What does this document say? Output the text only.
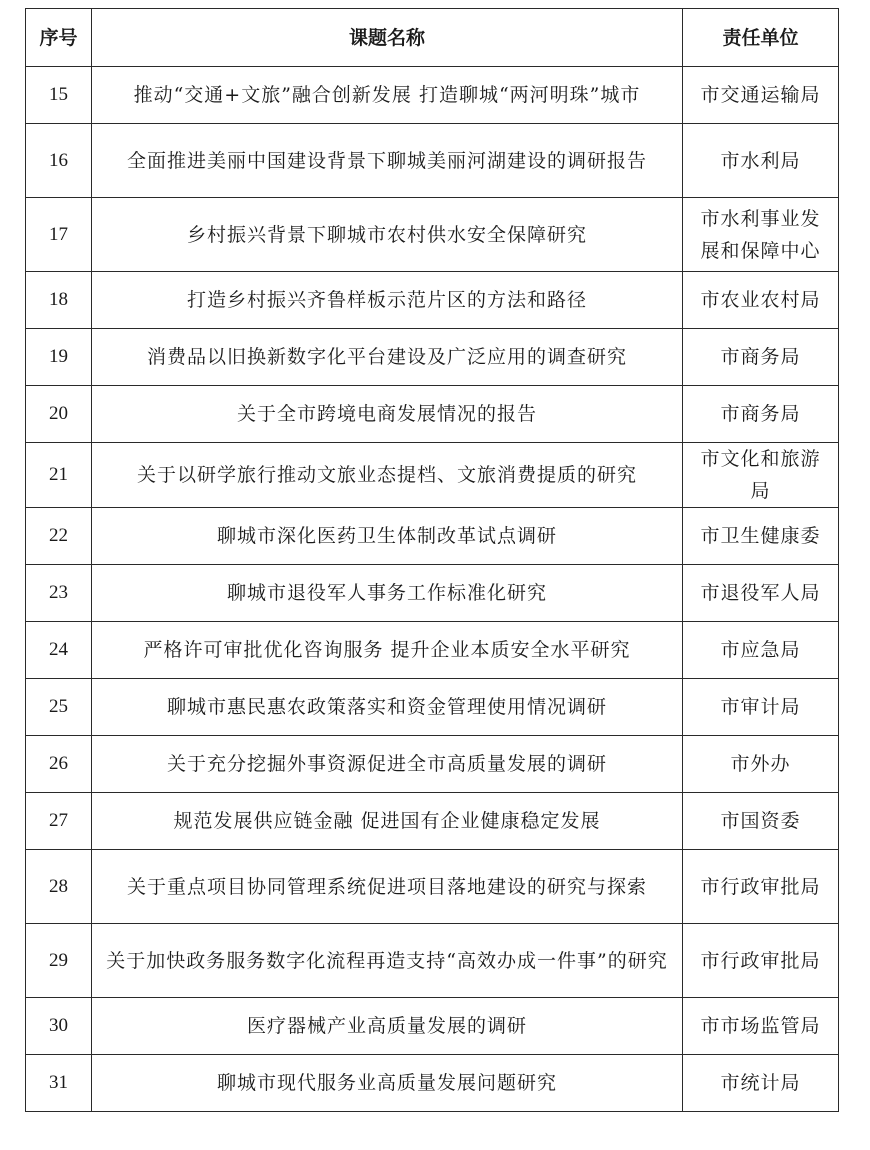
序号	课题名称	责任单位
15	推动“交通+文旅”融合创新发展 打造聊城“两河明珠”城市	市交通运输局
16	全面推进美丽中国建设背景下聊城美丽河湖建设的调研报告	市水利局
17	乡村振兴背景下聊城市农村供水安全保障研究	市水利事业发展和保障中心
18	打造乡村振兴齐鲁样板示范片区的方法和路径	市农业农村局
19	消费品以旧换新数字化平台建设及广泛应用的调查研究	市商务局
20	关于全市跨境电商发展情况的报告	市商务局
21	关于以研学旅行推动文旅业态提档、文旅消费提质的研究	市文化和旅游局
22	聊城市深化医药卫生体制改革试点调研	市卫生健康委
23	聊城市退役军人事务工作标准化研究	市退役军人局
24	严格许可审批优化咨询服务 提升企业本质安全水平研究	市应急局
25	聊城市惠民惠农政策落实和资金管理使用情况调研	市审计局
26	关于充分挖掘外事资源促进全市高质量发展的调研	市外办
27	规范发展供应链金融 促进国有企业健康稳定发展	市国资委
28	关于重点项目协同管理系统促进项目落地建设的研究与探索	市行政审批局
29	关于加快政务服务数字化流程再造支持“高效办成一件事”的研究	市行政审批局
30	医疗器械产业高质量发展的调研	市市场监管局
31	聊城市现代服务业高质量发展问题研究	市统计局
